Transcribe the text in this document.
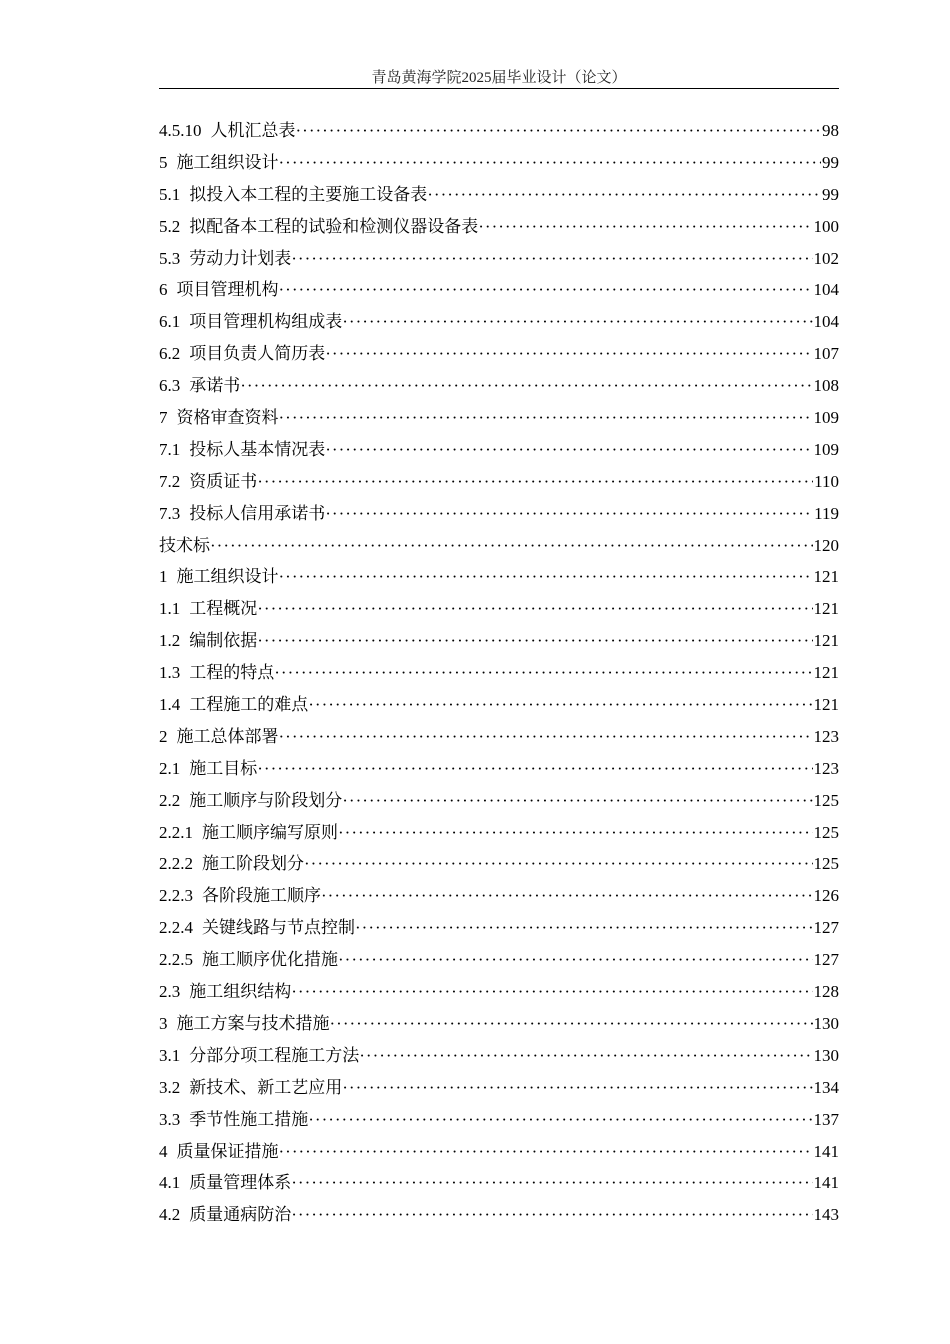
青岛黄海学院2025届毕业设计（论文）
4.5.10 人机汇总表 ·····	98
5 施工组织设计 ·····	99
5.1 拟投入本工程的主要施工设备表 ·····	99
5.2 拟配备本工程的试验和检测仪器设备表 ·····	100
5.3 劳动力计划表 ·····	102
6 项目管理机构 ·····	104
6.1 项目管理机构组成表 ·····	104
6.2 项目负责人简历表 ·····	107
6.3 承诺书 ·····	108
7 资格审查资料 ·····	109
7.1 投标人基本情况表 ·····	109
7.2 资质证书 ·····	110
7.3 投标人信用承诺书 ·····	119
技术标 ·····	120
1 施工组织设计 ·····	121
1.1 工程概况 ·····	121
1.2 编制依据 ·····	121
1.3 工程的特点 ·····	121
1.4 工程施工的难点 ·····	121
2 施工总体部署 ·····	123
2.1 施工目标 ·····	123
2.2 施工顺序与阶段划分 ·····	125
2.2.1 施工顺序编写原则 ·····	125
2.2.2 施工阶段划分 ·····	125
2.2.3 各阶段施工顺序 ·····	126
2.2.4 关键线路与节点控制 ·····	127
2.2.5 施工顺序优化措施 ·····	127
2.3 施工组织结构 ·····	128
3 施工方案与技术措施 ·····	130
3.1 分部分项工程施工方法 ·····	130
3.2 新技术、新工艺应用 ·····	134
3.3 季节性施工措施 ·····	137
4 质量保证措施 ·····	141
4.1 质量管理体系 ·····	141
4.2 质量通病防治 ·····	143
